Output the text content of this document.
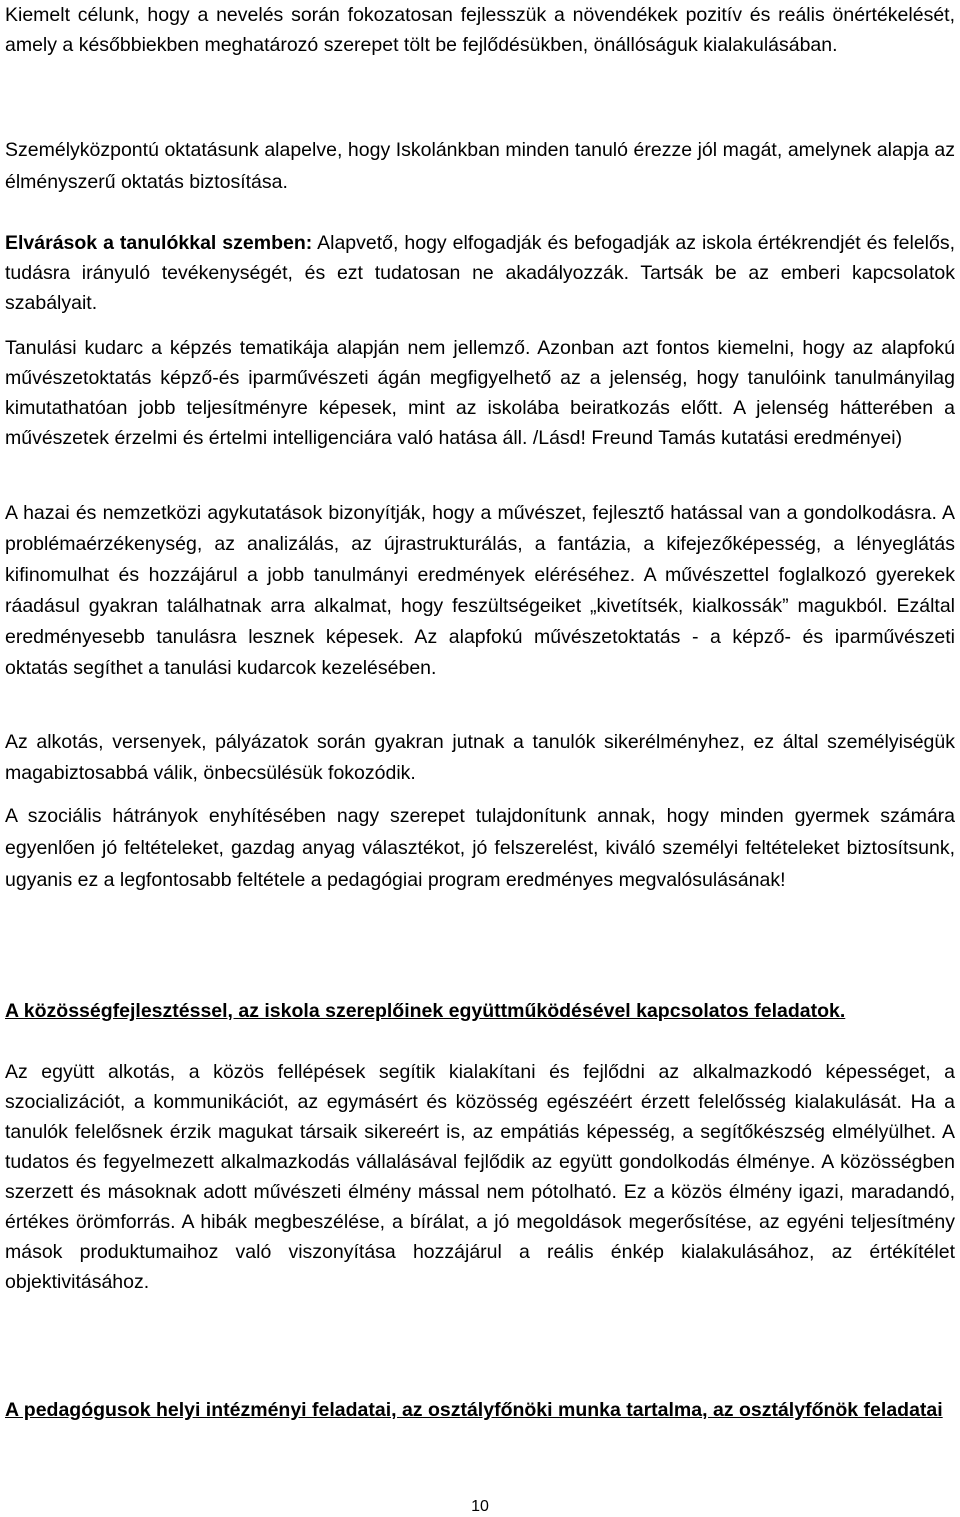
Kiemelt célunk, hogy a nevelés során fokozatosan fejlesszük a növendékek pozitív és reális önértékelését, amely a későbbiekben meghatározó szerepet tölt be fejlődésükben, önállóságuk kialakulásában.

Személyközpontú oktatásunk alapelve, hogy Iskolánkban minden tanuló érezze jól magát, amelynek alapja az élményszerű oktatás biztosítása.

Elvárások a tanulókkal szemben: Alapvető, hogy elfogadják és befogadják az iskola értékrendjét és felelős, tudásra irányuló tevékenységét, és ezt tudatosan ne akadályozzák. Tartsák be az emberi kapcsolatok szabályait.

Tanulási kudarc a képzés tematikája alapján nem jellemző. Azonban azt fontos kiemelni, hogy az alapfokú művészetoktatás képző-és iparművészeti ágán megfigyelhető az a jelenség, hogy tanulóink tanulmányilag kimutathatóan jobb teljesítményre képesek, mint az iskolába beiratkozás előtt. A jelenség hátterében a művészetek érzelmi és értelmi intelligenciára való hatása áll. /Lásd! Freund Tamás kutatási eredményei)

A hazai és nemzetközi agykutatások bizonyítják, hogy a művészet, fejlesztő hatással van a gondolkodásra. A problémaérzékenység, az analizálás, az újrastrukturálás, a fantázia, a kifejezőképesség, a lényeglátás kifinomulhat és hozzájárul a jobb tanulmányi eredmények eléréséhez. A művészettel foglalkozó gyerekek ráadásul gyakran találhatnak arra alkalmat, hogy feszültségeiket „kivetítsék, kialkossák” magukból. Ezáltal eredményesebb tanulásra lesznek képesek. Az alapfokú művészetoktatás - a képző- és iparművészeti oktatás segíthet a tanulási kudarcok kezelésében.

Az alkotás, versenyek, pályázatok során gyakran jutnak a tanulók sikerélményhez, ez által személyiségük magabiztosabbá válik, önbecsülésük fokozódik.

A szociális hátrányok enyhítésében nagy szerepet tulajdonítunk annak, hogy minden gyermek számára egyenlően jó feltételeket, gazdag anyag választékot, jó felszerelést, kiváló személyi feltételeket biztosítsunk, ugyanis ez a legfontosabb feltétele a pedagógiai program eredményes megvalósulásának!

A közösségfejlesztéssel, az iskola szereplőinek együttműködésével kapcsolatos feladatok.

Az együtt alkotás, a közös fellépések segítik kialakítani és fejlődni az alkalmazkodó képességet, a szocializációt, a kommunikációt, az egymásért és közösség egészéért érzett felelősség kialakulását. Ha a tanulók felelősnek érzik magukat társaik sikereért is, az empátiás képesség, a segítőkészség elmélyülhet. A tudatos és fegyelmezett alkalmazkodás vállalásával fejlődik az együtt gondolkodás élménye. A közösségben szerzett és másoknak adott művészeti élmény mással nem pótolható. Ez a közös élmény igazi, maradandó, értékes örömforrás. A hibák megbeszélése, a bírálat, a jó megoldások megerősítése, az egyéni teljesítmény mások produktumaihoz való viszonyítása hozzájárul a reális énkép kialakulásához, az értékítélet objektivitásához.

A pedagógusok helyi intézményi feladatai, az osztályfőnöki munka tartalma, az osztályfőnök feladatai

10
